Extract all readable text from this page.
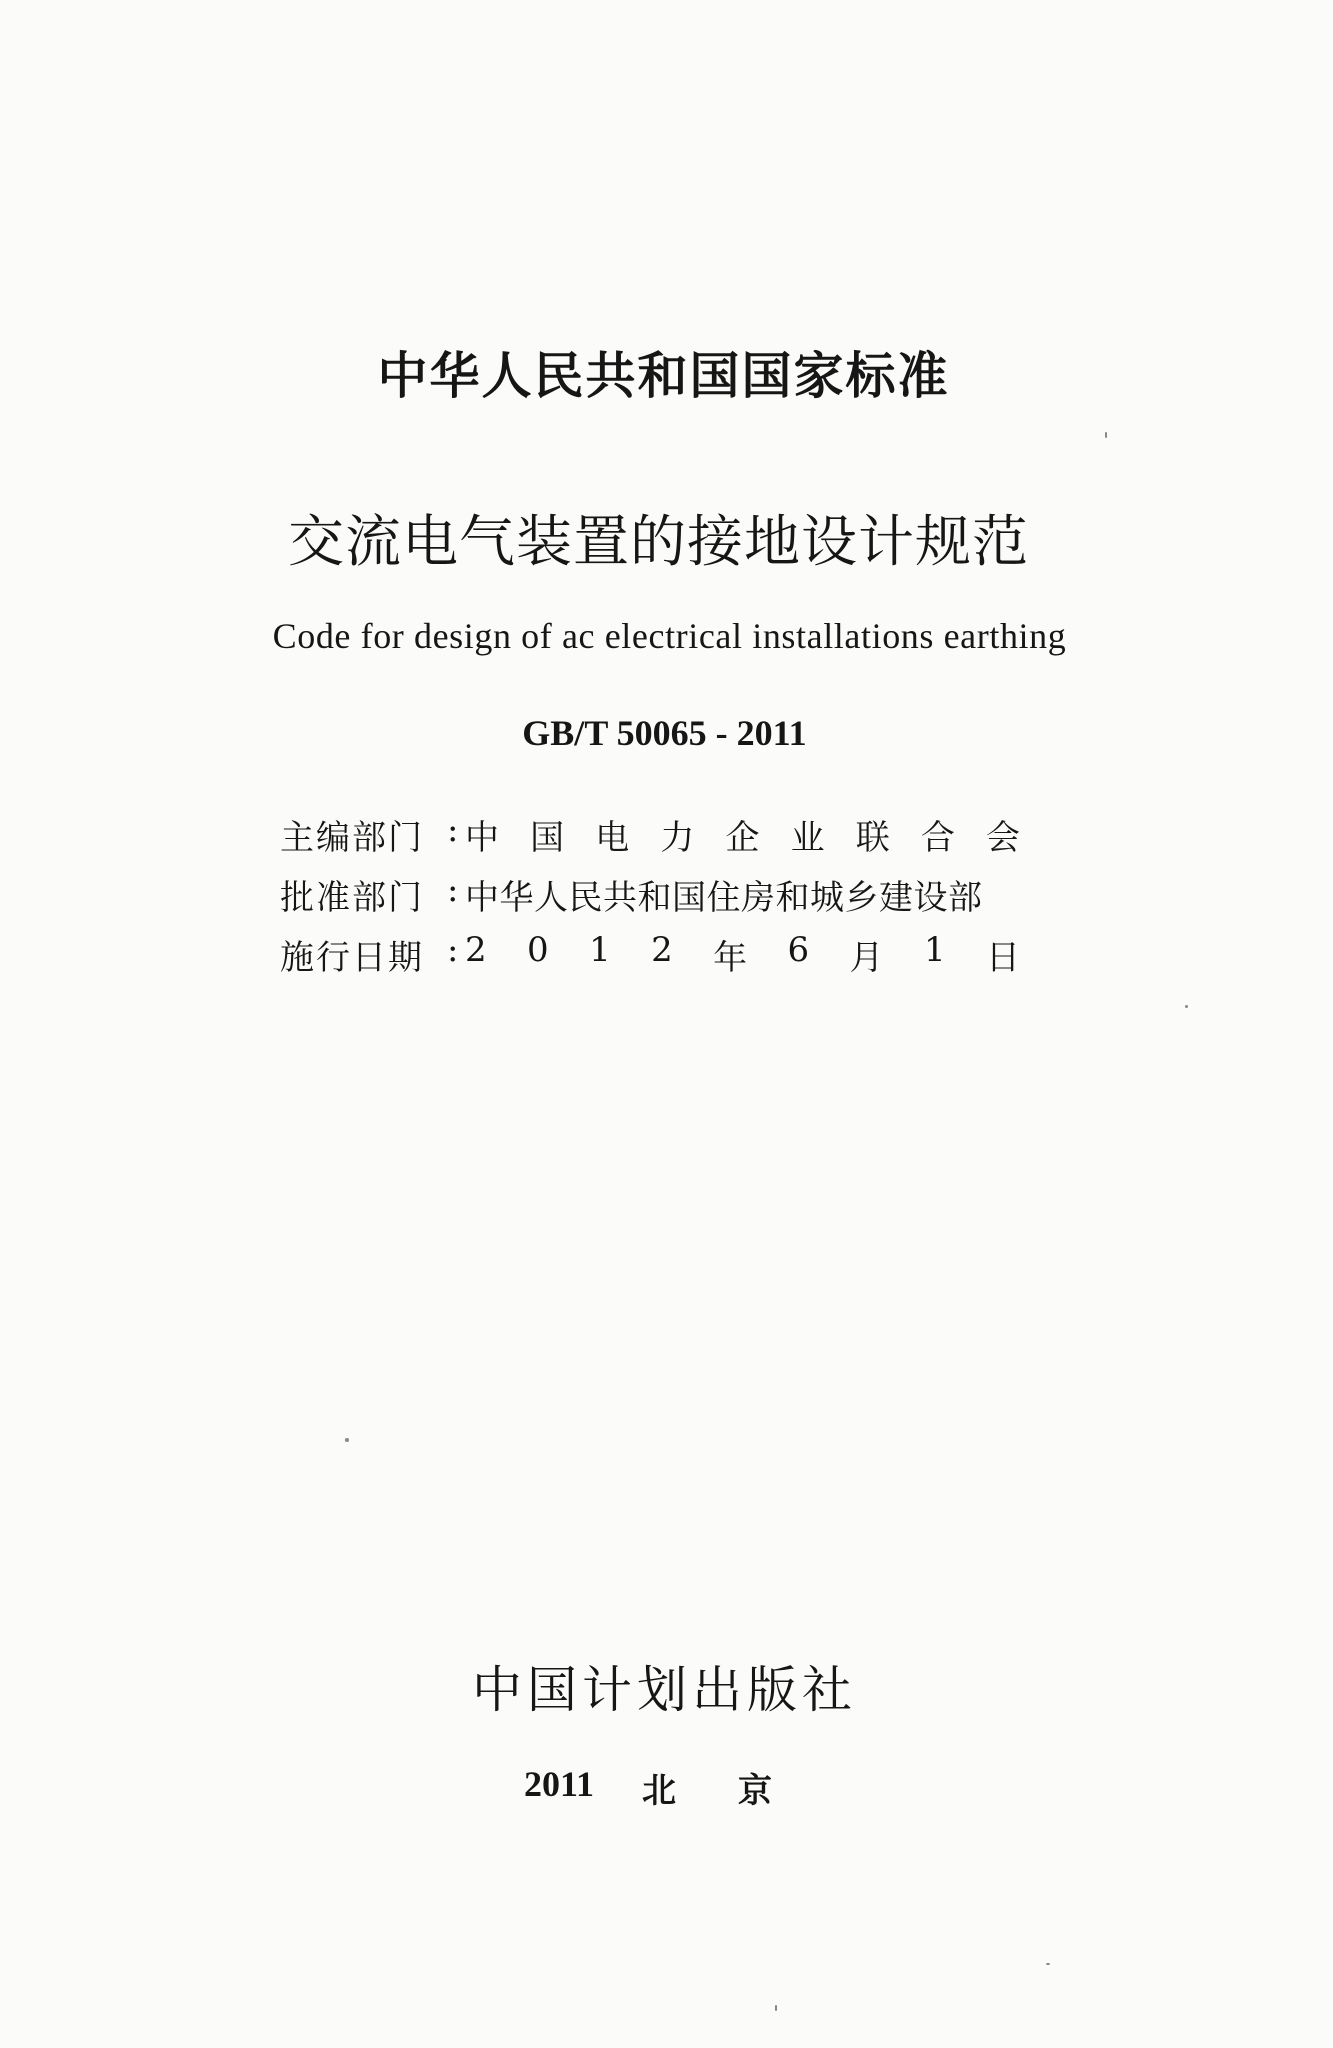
中华人民共和国国家标准
交流电气装置的接地设计规范
Code for design of ac electrical installations earthing
GB/T 50065 - 2011
主编部门 : 中 国 电 力 企 业 联 合 会
批准部门 : 中华人民共和国住房和城乡建设部
施行日期 : 2 0 1 2 年 6 月 1 日
中国计划出版社
2011 北京
